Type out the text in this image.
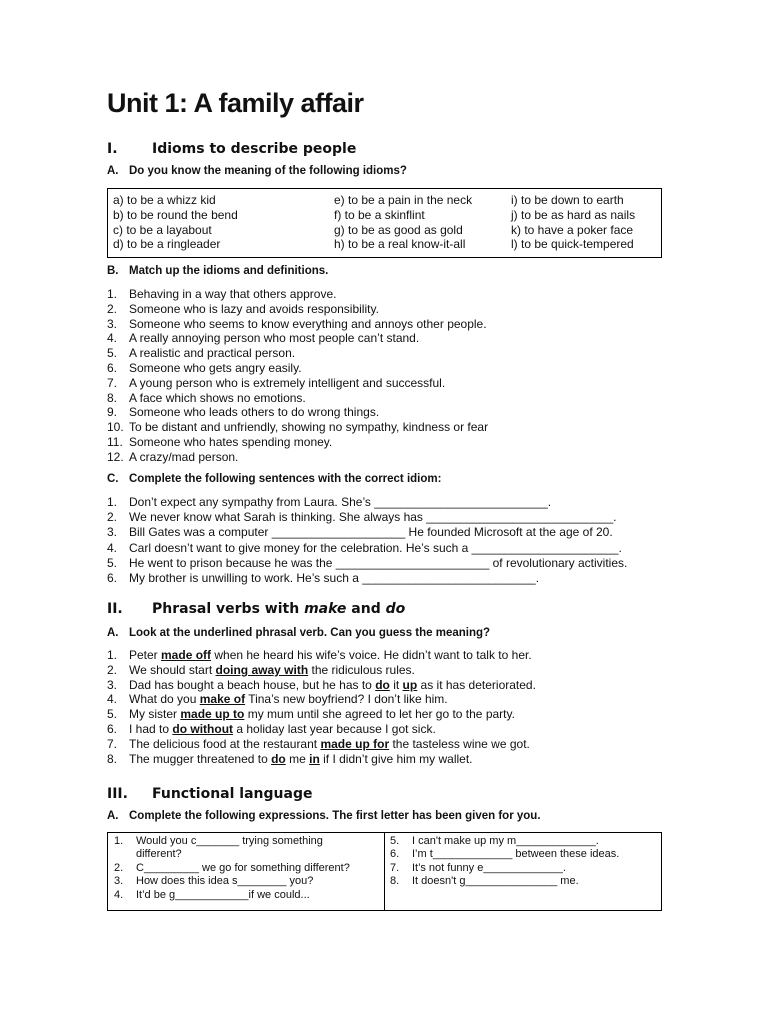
Unit 1: A family affair
I. Idioms to describe people
A. Do you know the meaning of the following idioms?
a) to be a whizz kid
b) to be round the bend
c) to be a layabout
d) to be a ringleader
e) to be a pain in the neck
f) to be a skinflint
g) to be as good as gold
h) to be a real know-it-all
i) to be down to earth
j) to be as hard as nails
k) to have a poker face
l) to be quick-tempered
B. Match up the idioms and definitions.
1. Behaving in a way that others approve.
2. Someone who is lazy and avoids responsibility.
3. Someone who seems to know everything and annoys other people.
4. A really annoying person who most people can’t stand.
5. A realistic and practical person.
6. Someone who gets angry easily.
7. A young person who is extremely intelligent and successful.
8. A face which shows no emotions.
9. Someone who leads others to do wrong things.
10. To be distant and unfriendly, showing no sympathy, kindness or fear
11. Someone who hates spending money.
12. A crazy/mad person.
C. Complete the following sentences with the correct idiom:
1. Don’t expect any sympathy from Laura. She’s __________________________.
2. We never know what Sarah is thinking. She always has ____________________________.
3. Bill Gates was a computer ____________________ He founded Microsoft at the age of 20.
4. Carl doesn’t want to give money for the celebration. He’s such a ______________________.
5. He went to prison because he was the _______________________ of revolutionary activities.
6. My brother is unwilling to work. He’s such a __________________________.
II. Phrasal verbs with make and do
A. Look at the underlined phrasal verb. Can you guess the meaning?
1. Peter made off when he heard his wife’s voice. He didn’t want to talk to her.
2. We should start doing away with the ridiculous rules.
3. Dad has bought a beach house, but he has to do it up as it has deteriorated.
4. What do you make of Tina’s new boyfriend? I don’t like him.
5. My sister made up to my mum until she agreed to let her go to the party.
6. I had to do without a holiday last year because I got sick.
7. The delicious food at the restaurant made up for the tasteless wine we got.
8. The mugger threatened to do me in if I didn’t give him my wallet.
III. Functional language
A. Complete the following expressions. The first letter has been given for you.
1. Would you c_______ trying something
different?
2. C_________ we go for something different?
3. How does this idea s________ you?
4. It’d be g____________if we could...
5. I can't make up my m_____________.
6. I’m t_____________ between these ideas.
7. It’s not funny e_____________.
8. It doesn't g_______________ me.
